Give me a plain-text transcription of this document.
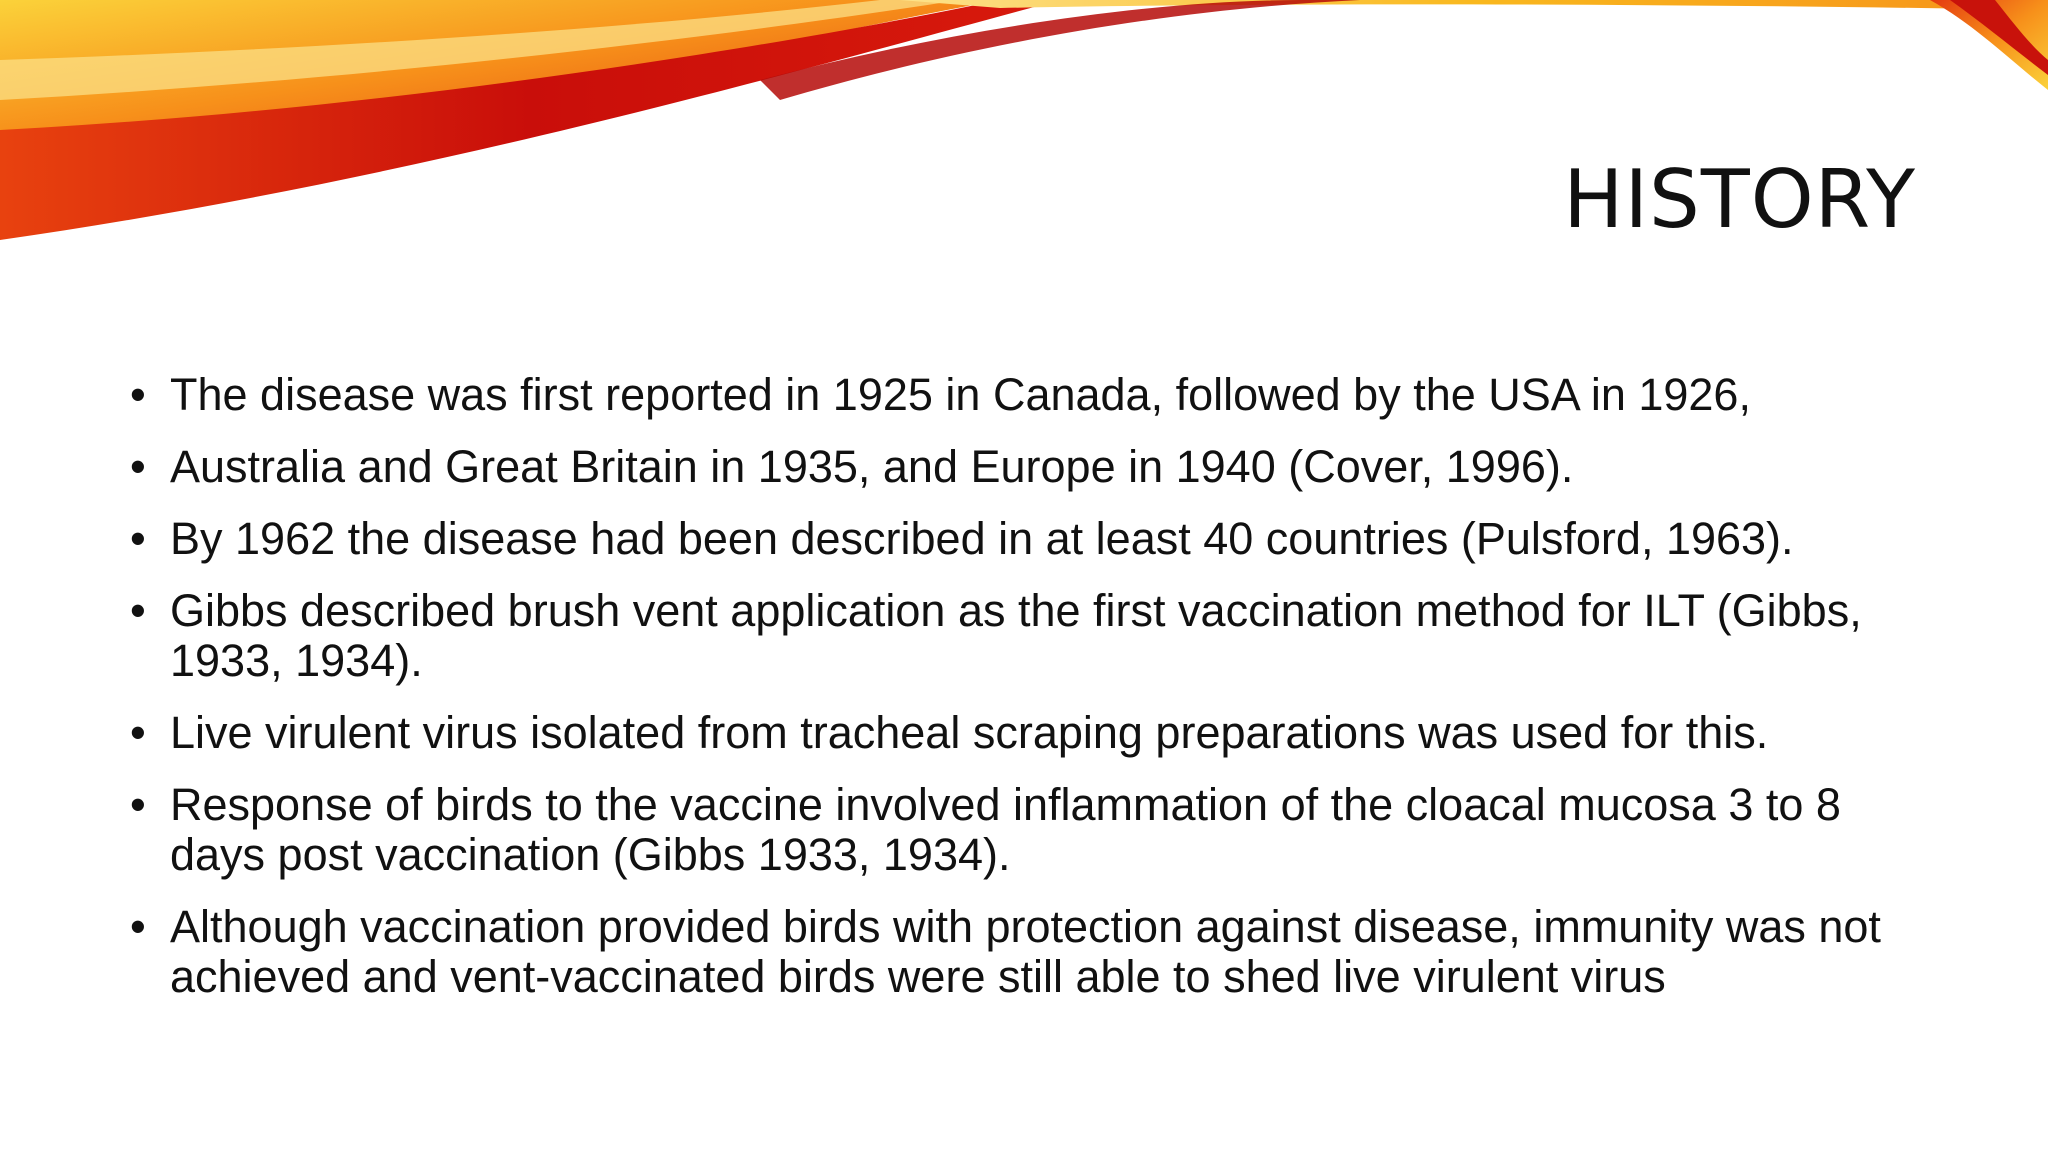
HISTORY
• The disease was first reported in 1925 in Canada, followed by the USA in 1926,
• Australia and Great Britain in 1935, and Europe in 1940 (Cover, 1996).
• By 1962 the disease had been described in at least 40 countries (Pulsford, 1963).
• Gibbs described brush vent application as the first vaccination method for ILT (Gibbs, 1933, 1934).
• Live virulent virus isolated from tracheal scraping preparations was used for this.
• Response of birds to the vaccine involved inflammation of the cloacal mucosa 3 to 8 days post vaccination (Gibbs 1933, 1934).
• Although vaccination provided birds with protection against disease, immunity was not achieved and vent-vaccinated birds were still able to shed live virulent virus
